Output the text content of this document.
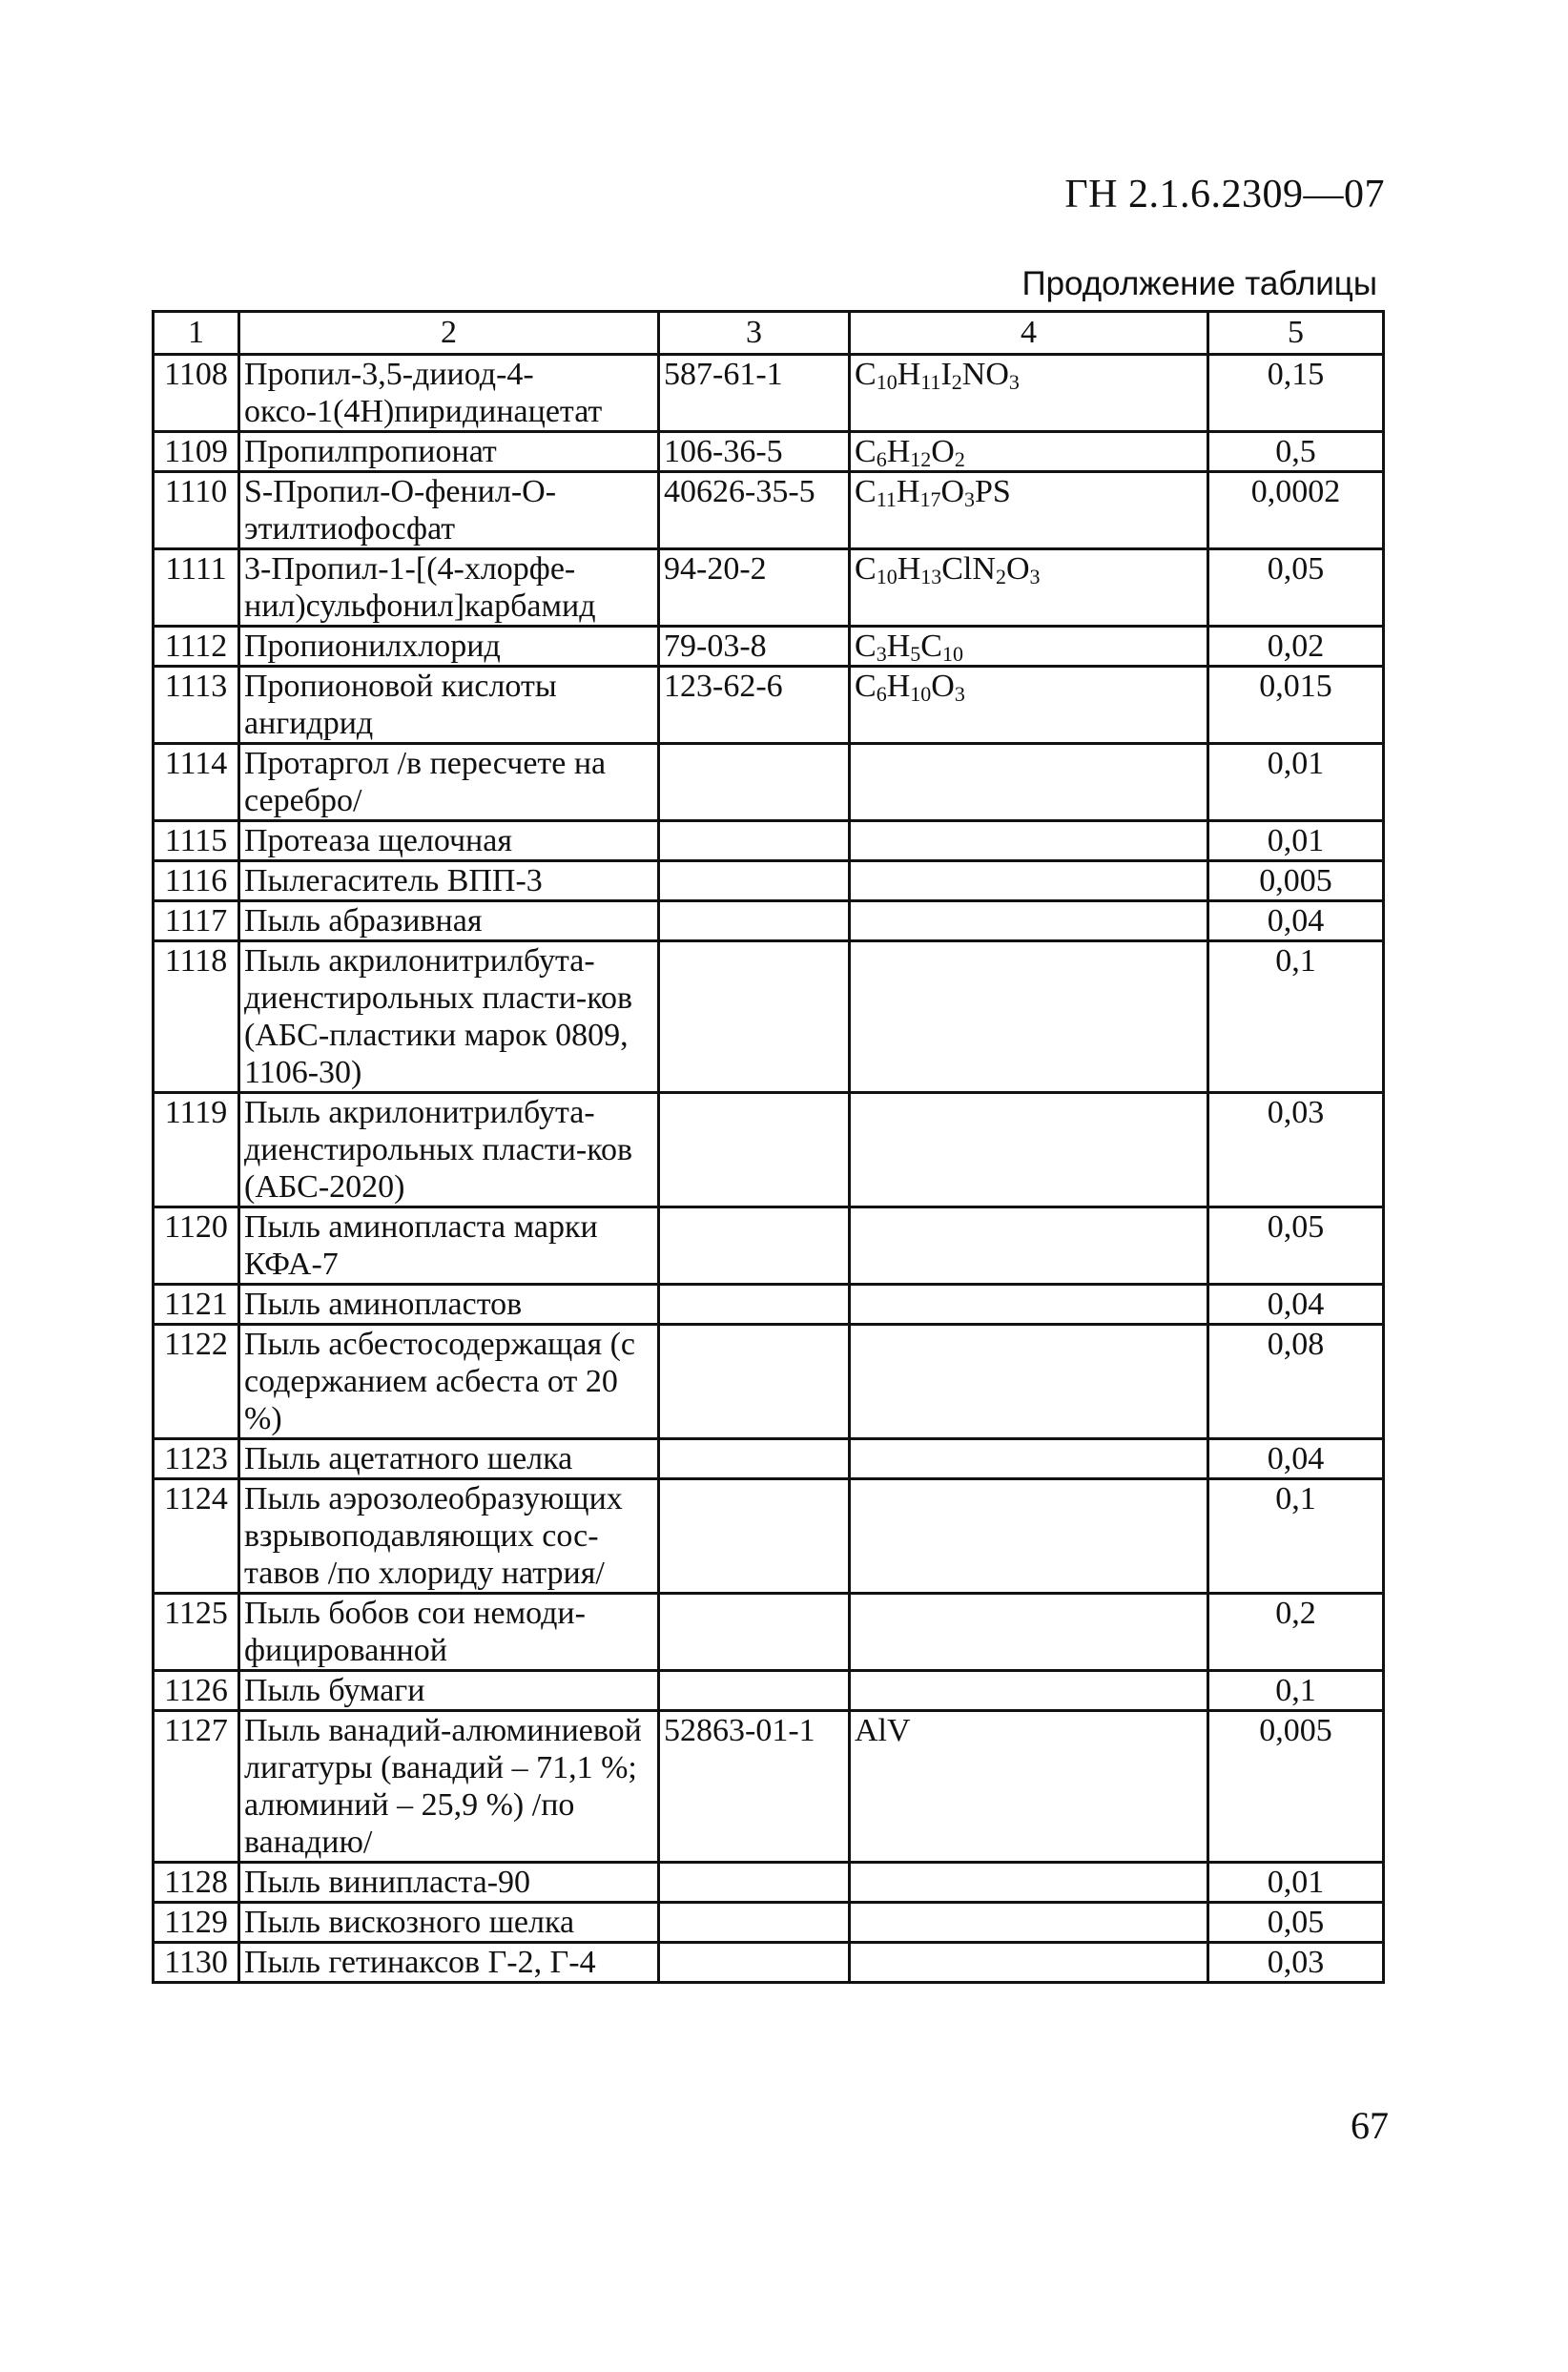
ГН 2.1.6.2309—07
Продолжение таблицы
1	2	3	4	5
1108	Пропил-3,5-дииод-4-оксо-1(4Н)пиридинацетат	587-61-1	$C_{10}H_{11}I_2NO_3$	0,15
1109	Пропилпропионат	106-36-5	$C_6H_{12}O_2$	0,5
1110	S-Пропил-О-фенил-О-этилтиофосфат	40626-35-5	$C_{11}H_{17}O_3PS$	0,0002
1111	3-Пропил-1-[(4-хлорфе-нил)сульфонил]карбамид	94-20-2	$C_{10}H_{13}ClN_2O_3$	0,05
1112	Пропионилхлорид	79-03-8	$C_3H_5C_{10}$	0,02
1113	Пропионовой кислоты ангидрид	123-62-6	$C_6H_{10}O_3$	0,015
1114	Протаргол /в пересчете на серебро/			0,01
1115	Протеаза щелочная			0,01
1116	Пылегаситель ВПП-3			0,005
1117	Пыль абразивная			0,04
1118	Пыль акрилонитрилбута-диенстирольных пласти-ков (АБС-пластики марок 0809, 1106-30)			0,1
1119	Пыль акрилонитрилбута-диенстирольных пласти-ков (АБС-2020)			0,03
1120	Пыль аминопласта марки КФА-7			0,05
1121	Пыль аминопластов			0,04
1122	Пыль асбестосодержащая (с содержанием асбеста от 20 %)			0,08
1123	Пыль ацетатного шелка			0,04
1124	Пыль аэрозолеобразующих взрывоподавляющих сос-тавов /по хлориду натрия/			0,1
1125	Пыль бобов сои немоди-фицированной			0,2
1126	Пыль бумаги			0,1
1127	Пыль ванадий-алюминиевой лигатуры (ванадий – 71,1 %; алюминий – 25,9 %) /по ванадию/	52863-01-1	AlV	0,005
1128	Пыль винипласта-90			0,01
1129	Пыль вискозного шелка			0,05
1130	Пыль гетинаксов Г-2, Г-4			0,03
67
